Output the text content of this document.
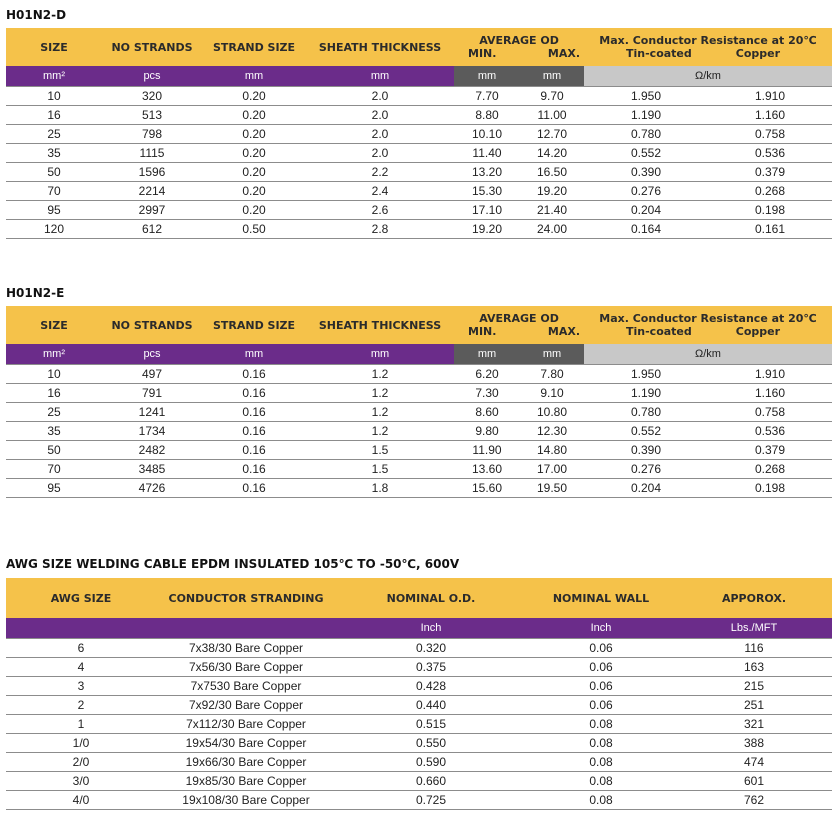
H01N2-D
SIZE	NO STRANDS	STRAND SIZE	SHEATH THICKNESS	AVERAGE OD
MIN. MAX.		Max. Conductor Resistance at 20℃
Tin-coated Copper	

mm²	pcs	mm	mm	mm	mm	Ω/km	
10	320	0.20	2.0	7.70	9.70	1.950	1.910
16	513	0.20	2.0	8.80	11.00	1.190	1.160
25	798	0.20	2.0	10.10	12.70	0.780	0.758
35	1115	0.20	2.0	11.40	14.20	0.552	0.536
50	1596	0.20	2.2	13.20	16.50	0.390	0.379
70	2214	0.20	2.4	15.30	19.20	0.276	0.268
95	2997	0.20	2.6	17.10	21.40	0.204	0.198
120	612	0.50	2.8	19.20	24.00	0.164	0.161
H01N2-E
SIZE	NO STRANDS	STRAND SIZE	SHEATH THICKNESS	AVERAGE OD
MIN. MAX.		Max. Conductor Resistance at 20℃
Tin-coated Copper	

mm²	pcs	mm	mm	mm	mm	Ω/km	
10	497	0.16	1.2	6.20	7.80	1.950	1.910
16	791	0.16	1.2	7.30	9.10	1.190	1.160
25	1241	0.16	1.2	8.60	10.80	0.780	0.758
35	1734	0.16	1.2	9.80	12.30	0.552	0.536
50	2482	0.16	1.5	11.90	14.80	0.390	0.379
70	3485	0.16	1.5	13.60	17.00	0.276	0.268
95	4726	0.16	1.8	15.60	19.50	0.204	0.198
AWG SIZE WELDING CABLE EPDM INSULATED 105℃ TO -50℃, 600V
AWG SIZE	CONDUCTOR STRANDING	NOMINAL O.D.	NOMINAL WALL	APPOROX.
		Inch	Inch	Lbs./MFT
6	7x38/30 Bare Copper	0.320	0.06	116
4	7x56/30 Bare Copper	0.375	0.06	163
3	7x7530 Bare Copper	0.428	0.06	215
2	7x92/30 Bare Copper	0.440	0.06	251
1	7x112/30 Bare Copper	0.515	0.08	321
1/0	19x54/30 Bare Copper	0.550	0.08	388
2/0	19x66/30 Bare Copper	0.590	0.08	474
3/0	19x85/30 Bare Copper	0.660	0.08	601
4/0	19x108/30 Bare Copper	0.725	0.08	762
